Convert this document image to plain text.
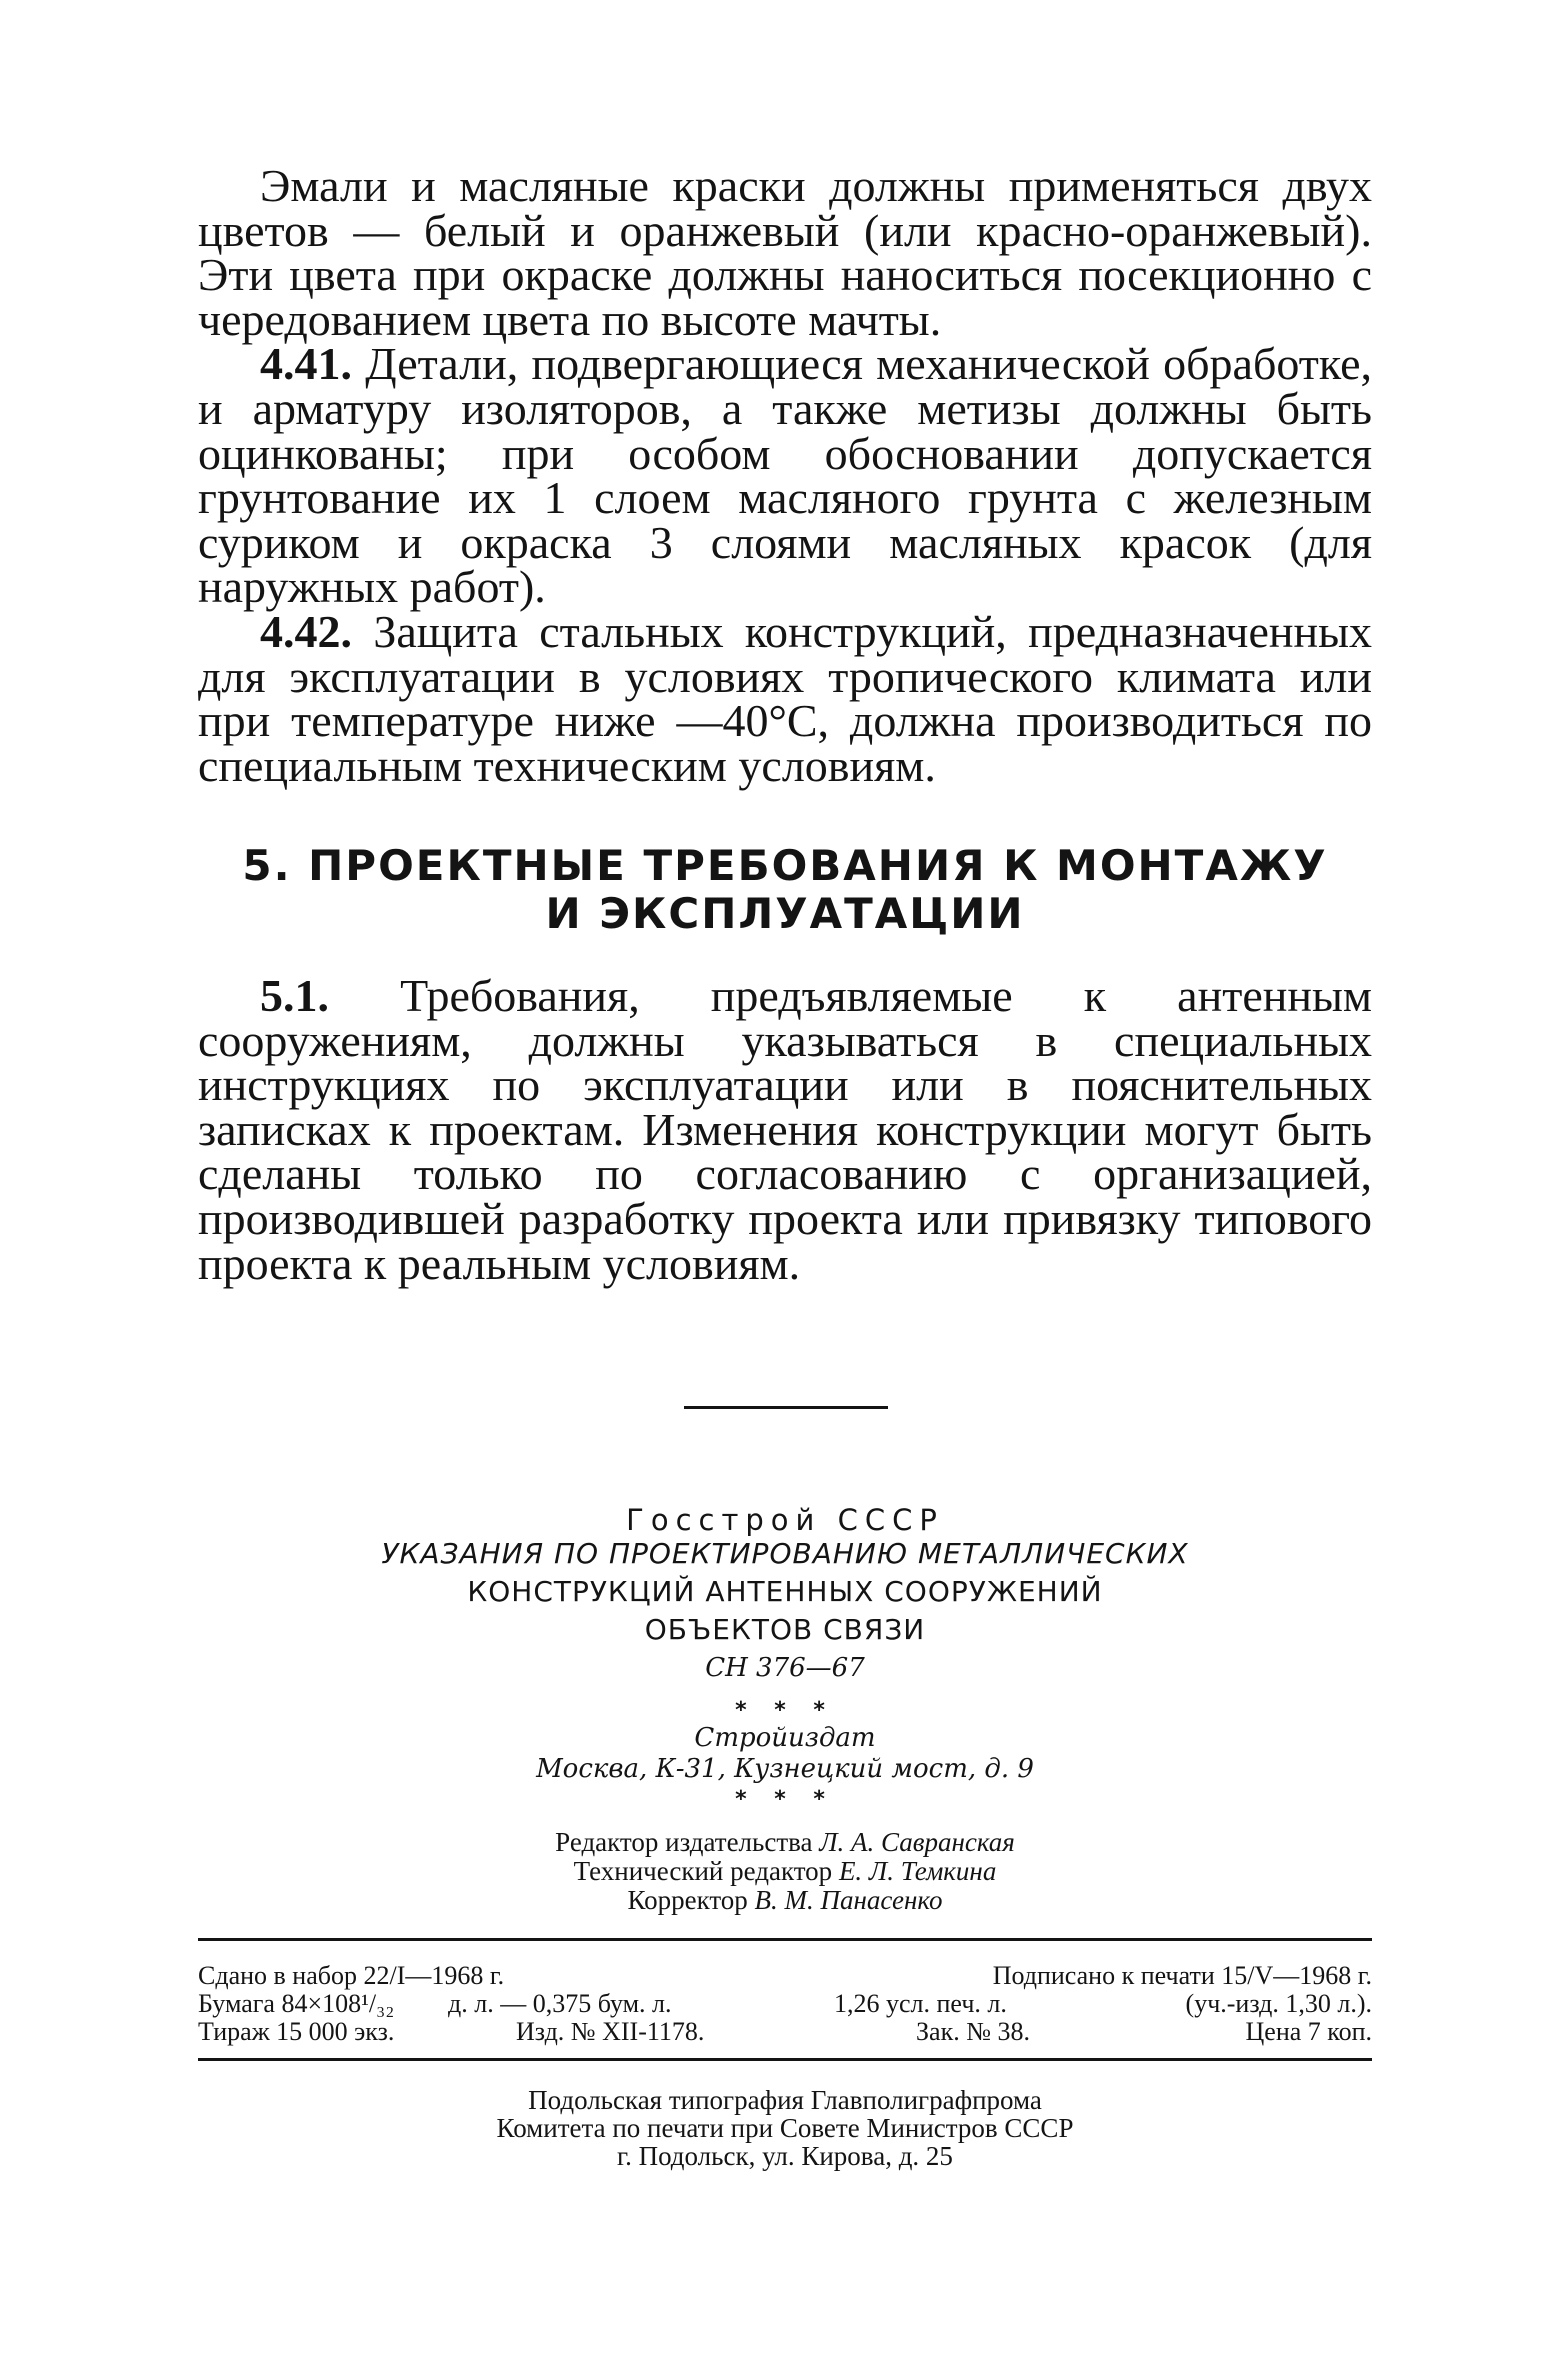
Эмали и масляные краски должны применяться двух цветов — белый и оранжевый (или красно-оранжевый). Эти цвета при окраске должны наноситься посекционно с чередованием цвета по высоте мачты.

4.41. Детали, подвергающиеся механической обработке, и арматуру изоляторов, а также метизы должны быть оцинкованы; при особом обосновании допускается грунтование их 1 слоем масляного грунта с железным суриком и окраска 3 слоями масляных красок (для наружных работ).

4.42. Защита стальных конструкций, предназначенных для эксплуатации в условиях тропического климата или при температуре ниже —40°С, должна производиться по специальным техническим условиям.

5. ПРОЕКТНЫЕ ТРЕБОВАНИЯ К МОНТАЖУ
И ЭКСПЛУАТАЦИИ

5.1. Требования, предъявляемые к антенным сооружениям, должны указываться в специальных инструкциях по эксплуатации или в пояснительных записках к проектам. Изменения конструкции могут быть сделаны только по согласованию с организацией, производившей разработку проекта или привязку типового проекта к реальным условиям.

Госстрой СССР
УКАЗАНИЯ ПО ПРОЕКТИРОВАНИЮ МЕТАЛЛИЧЕСКИХ
КОНСТРУКЦИЙ АНТЕННЫХ СООРУЖЕНИЙ
ОБЪЕКТОВ СВЯЗИ
СН 376—67
* * *
Стройиздат
Москва, К-31, Кузнецкий мост, д. 9
* * *
Редактор издательства Л. А. Савранская
Технический редактор Е. Л. Темкина
Корректор В. М. Панасенко
Сдано в набор 22/I—1968 г.	Подписано к печати 15/V—1968 г.
Бумага 84×108¹/₃₂ д. л. — 0,375 бум. л.	1,26 усл. печ. л.	(уч.-изд. 1,30 л.).
Тираж 15 000 экз.	Изд. № XII-1178.	Зак. № 38.	Цена 7 коп.
Подольская типография Главполиграфпрома
Комитета по печати при Совете Министров СССР
г. Подольск, ул. Кирова, д. 25
